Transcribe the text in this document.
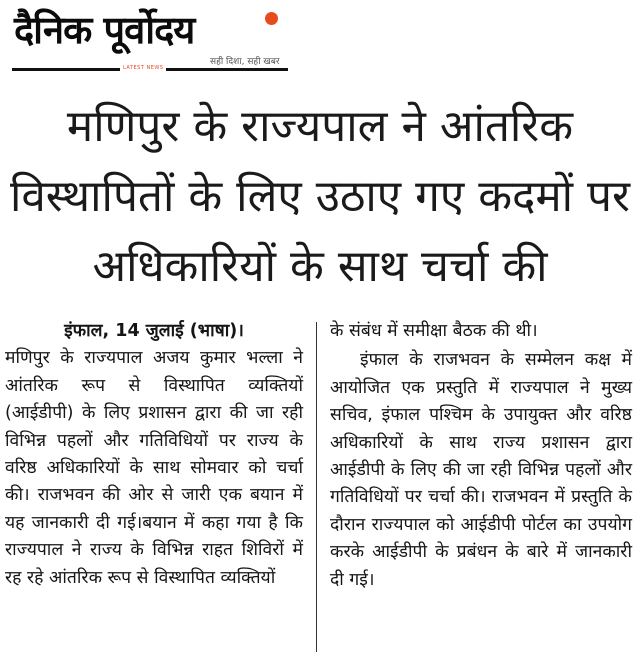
दैनिक पूर्वोदय
सही दिशा, सही खबर
LATEST NEWS
मणिपुर के राज्यपाल ने आंतरिक
विस्थापितों के लिए उठाए गए कदमों पर
अधिकारियों के साथ चर्चा की
इंफाल, 14 जुलाई (भाषा)।

मणिपुर के राज्यपाल अजय कुमार भल्ला ने आंतरिक रूप से विस्थापित व्यक्तियों (आईडीपी) के लिए प्रशासन द्वारा की जा रही विभिन्न पहलों और गतिविधियों पर राज्य के वरिष्ठ अधिकारियों के साथ सोमवार को चर्चा की। राजभवन की ओर से जारी एक बयान में यह जानकारी दी गई।बयान में कहा गया है कि राज्यपाल ने राज्य के विभिन्न राहत शिविरों में रह रहे आंतरिक रूप से विस्थापित व्यक्तियों

के संबंध में समीक्षा बैठक की थी।

इंफाल के राजभवन के सम्मेलन कक्ष में आयोजित एक प्रस्तुति में राज्यपाल ने मुख्य सचिव, इंफाल पश्चिम के उपायुक्त और वरिष्ठ अधिकारियों के साथ राज्य प्रशासन द्वारा आईडीपी के लिए की जा रही विभिन्न पहलों और गतिविधियों पर चर्चा की। राजभवन में प्रस्तुति के दौरान राज्यपाल को आईडीपी पोर्टल का उपयोग करके आईडीपी के प्रबंधन के बारे में जानकारी दी गई।
